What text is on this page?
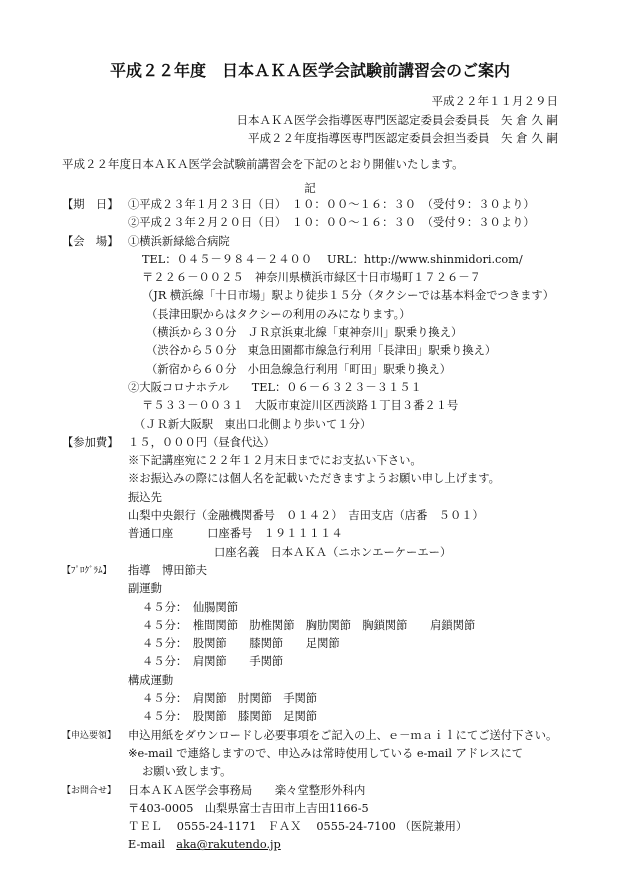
平成２２年度　日本ＡＫＡ医学会試験前講習会のご案内
平成２２年１１月２９日
日本ＡＫＡ医学会指導医専門医認定委員会委員長　矢 倉 久 嗣
平成２２年度指導医専門医認定委員会担当委員　矢 倉 久 嗣
平成２２年度日本ＡＫＡ医学会試験前講習会を下記のとおり開催いたします。
記
【期　日】 ①平成２３年１月２３日（日）　１０：００～１６：３０　（受付９：３０より）
②平成２３年２月２０日（日）　１０：００～１６：３０　（受付９：３０より）
【会　場】 ①横浜新緑総合病院
TEL：０４５－９８４－２４００　 URL：http://www.shinmidori.com/
〒２２６－００２５　神奈川県横浜市緑区十日市場町１７２６－７
（JR 横浜線「十日市場」駅より徒歩１５分（タクシーでは基本料金でつきます）
（長津田駅からはタクシーの利用のみになります。）
（横浜から３０分　ＪＲ京浜東北線「東神奈川」駅乗り換え）
（渋谷から５０分　東急田園都市線急行利用「長津田」駅乗り換え）
（新宿から６０分　小田急線急行利用「町田」駅乗り換え）
②大阪コロナホテル　　TEL：０６－６３２３－３１５１
〒５３３－００３１　大阪市東淀川区西淡路１丁目３番２１号
（ＪＲ新大阪駅　東出口北側より歩いて１分）
【参加費】 １５，０００円（昼食代込）
※下記講座宛に２２年１２月末日までにお支払い下さい。
※お振込みの際には個人名を記載いただきますようお願い申し上げます。
振込先
山梨中央銀行（金融機関番号　０１４２）　吉田支店（店番　５０１）
普通口座　　　口座番号　１９１１１１４
口座名義　日本ＡＫＡ（ニホンエーケーエー）
【ﾌﾟﾛｸﾞﾗﾑ】 指導　博田節夫
副運動
４５分：　仙腸関節
４５分：　椎間関節　肋椎関節　胸肋関節　胸鎖関節　　肩鎖関節
４５分：　股関節　　膝関節　　足関節
４５分：　肩関節　　手関節
構成運動
４５分：　肩関節　肘関節　手関節
４５分：　股関節　膝関節　足関節
【申込要領】 申込用紙をダウンロードし必要事項をご記入の上、ｅ－ｍａｉｌにてご送付下さい。
※e-mail で連絡しますので、申込みは常時使用している e-mail アドレスにて
お願い致します。
【お問合せ】 日本ＡＫＡ医学会事務局　　楽々堂整形外科内
〒403-0005　山梨県富士吉田市上吉田1166-5
ＴＥＬ　 0555-24-1171　ＦＡＸ　 0555-24-7100 （医院兼用）
E-mail　aka@rakutendo.jp
